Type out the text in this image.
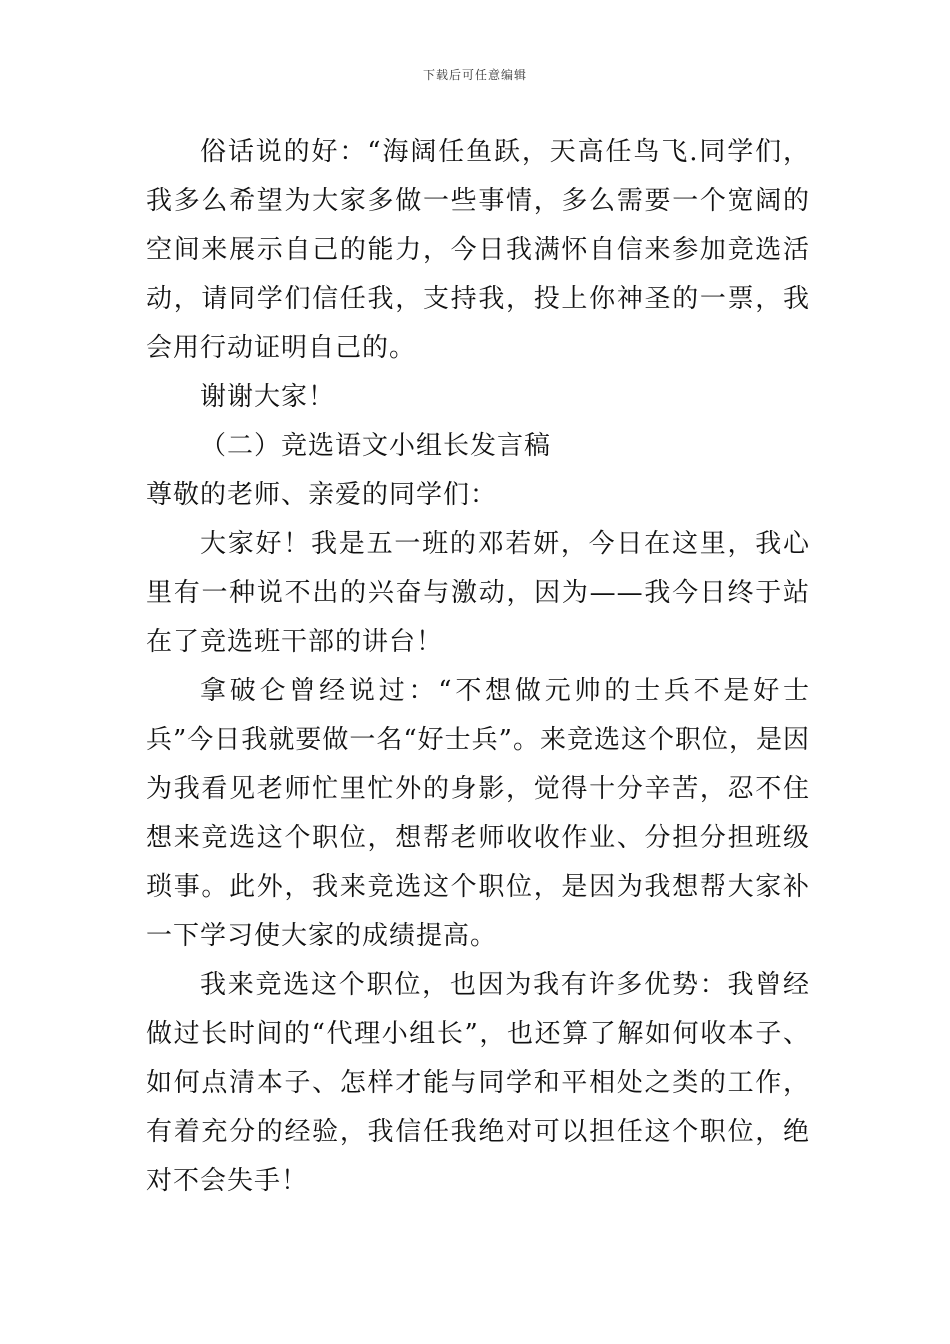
下载后可任意编辑

俗话说的好：“海阔任鱼跃，天高任鸟飞.同学们，我多么希望为大家多做一些事情，多么需要一个宽阔的空间来展示自己的能力，今日我满怀自信来参加竞选活动，请同学们信任我，支持我，投上你神圣的一票，我会用行动证明自己的。

谢谢大家！

（二）竞选语文小组长发言稿

尊敬的老师、亲爱的同学们：

大家好！我是五一班的邓若妍，今日在这里，我心里有一种说不出的兴奋与激动，因为——我今日终于站在了竞选班干部的讲台！

拿破仑曾经说过：“不想做元帅的士兵不是好士兵”今日我就要做一名“好士兵”。来竞选这个职位，是因为我看见老师忙里忙外的身影，觉得十分辛苦，忍不住想来竞选这个职位，想帮老师收收作业、分担分担班级琐事。此外，我来竞选这个职位，是因为我想帮大家补一下学习使大家的成绩提高。

我来竞选这个职位，也因为我有许多优势：我曾经做过长时间的“代理小组长”，也还算了解如何收本子、如何点清本子、怎样才能与同学和平相处之类的工作，有着充分的经验，我信任我绝对可以担任这个职位，绝对不会失手！
